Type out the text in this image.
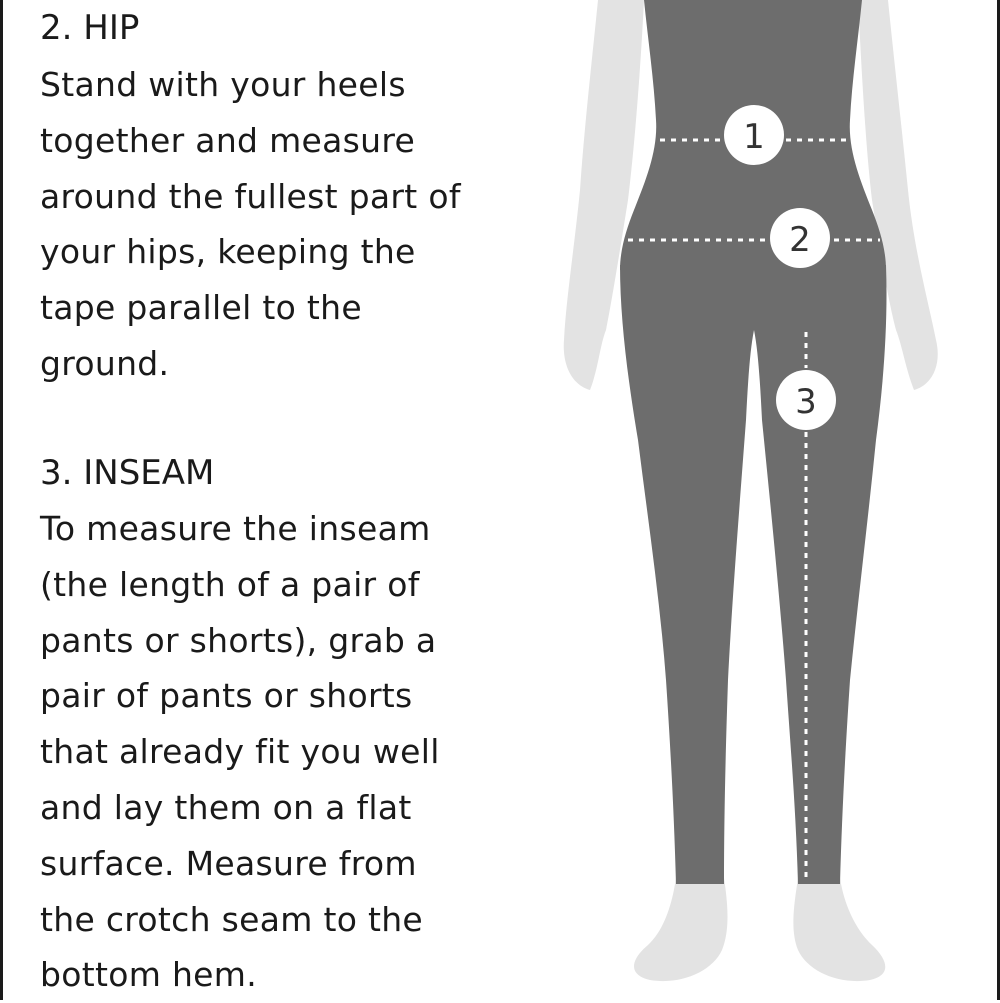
2. HIP

Stand with your heels
together and measure
around the fullest part of
your hips, keeping the
tape parallel to the
ground.

3. INSEAM

To measure the inseam
(the length of a pair of
pants or shorts), grab a
pair of pants or shorts
that already fit you well
and lay them on a flat
surface. Measure from
the crotch seam to the
bottom hem.

1
2
3
